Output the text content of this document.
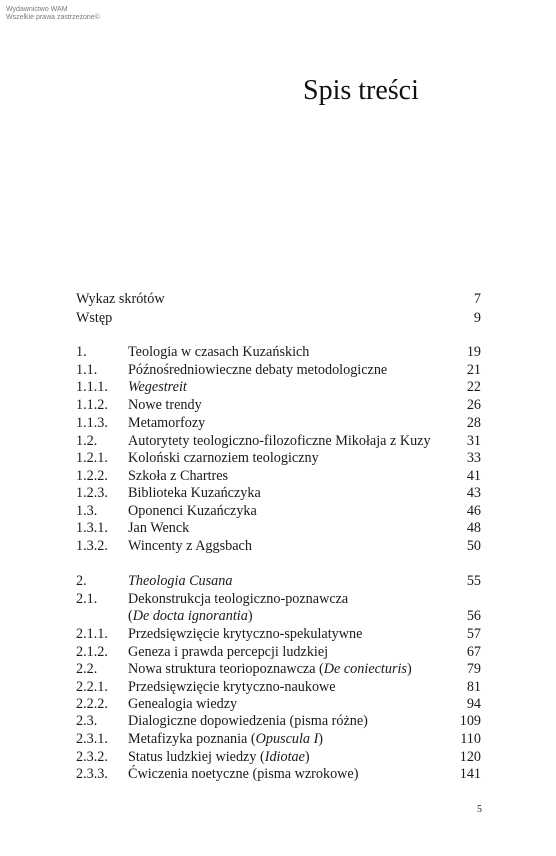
Wydawnictwo WAM
Wszelkie prawa zastrzeżone©
Spis treści
Wykaz skrótów	7
Wstęp	9
1.	Teologia w czasach Kuzańskich	19
1.1. Późnośredniowieczne debaty metodologiczne	21
1.1.1. Wegestreit	22
1.1.2. Nowe trendy	26
1.1.3. Metamorfozy	28
1.2. Autorytety teologiczno-filozoficzne Mikołaja z Kuzy	31
1.2.1. Koloński czarnoziem teologiczny	33
1.2.2. Szkoła z Chartres	41
1.2.3. Biblioteka Kuzańczyka	43
1.3. Oponenci Kuzańczyka	46
1.3.1. Jan Wenck	48
1.3.2. Wincenty z Aggsbach	50
2.	Theologia Cusana	55
2.1. Dekonstrukcja teologiczno-poznawcza
(De docta ignorantia)	56
2.1.1. Przedsięwzięcie krytyczno-spekulatywne	57
2.1.2. Geneza i prawda percepcji ludzkiej	67
2.2. Nowa struktura teoriopoznawcza (De coniecturis)	79
2.2.1. Przedsięwzięcie krytyczno-naukowe	81
2.2.2. Genealogia wiedzy	94
2.3. Dialogiczne dopowiedzenia (pisma różne)	109
2.3.1. Metafizyka poznania (Opuscula I)	110
2.3.2. Status ludzkiej wiedzy (Idiotae)	120
2.3.3. Ćwiczenia noetyczne (pisma wzrokowe)	141
5
